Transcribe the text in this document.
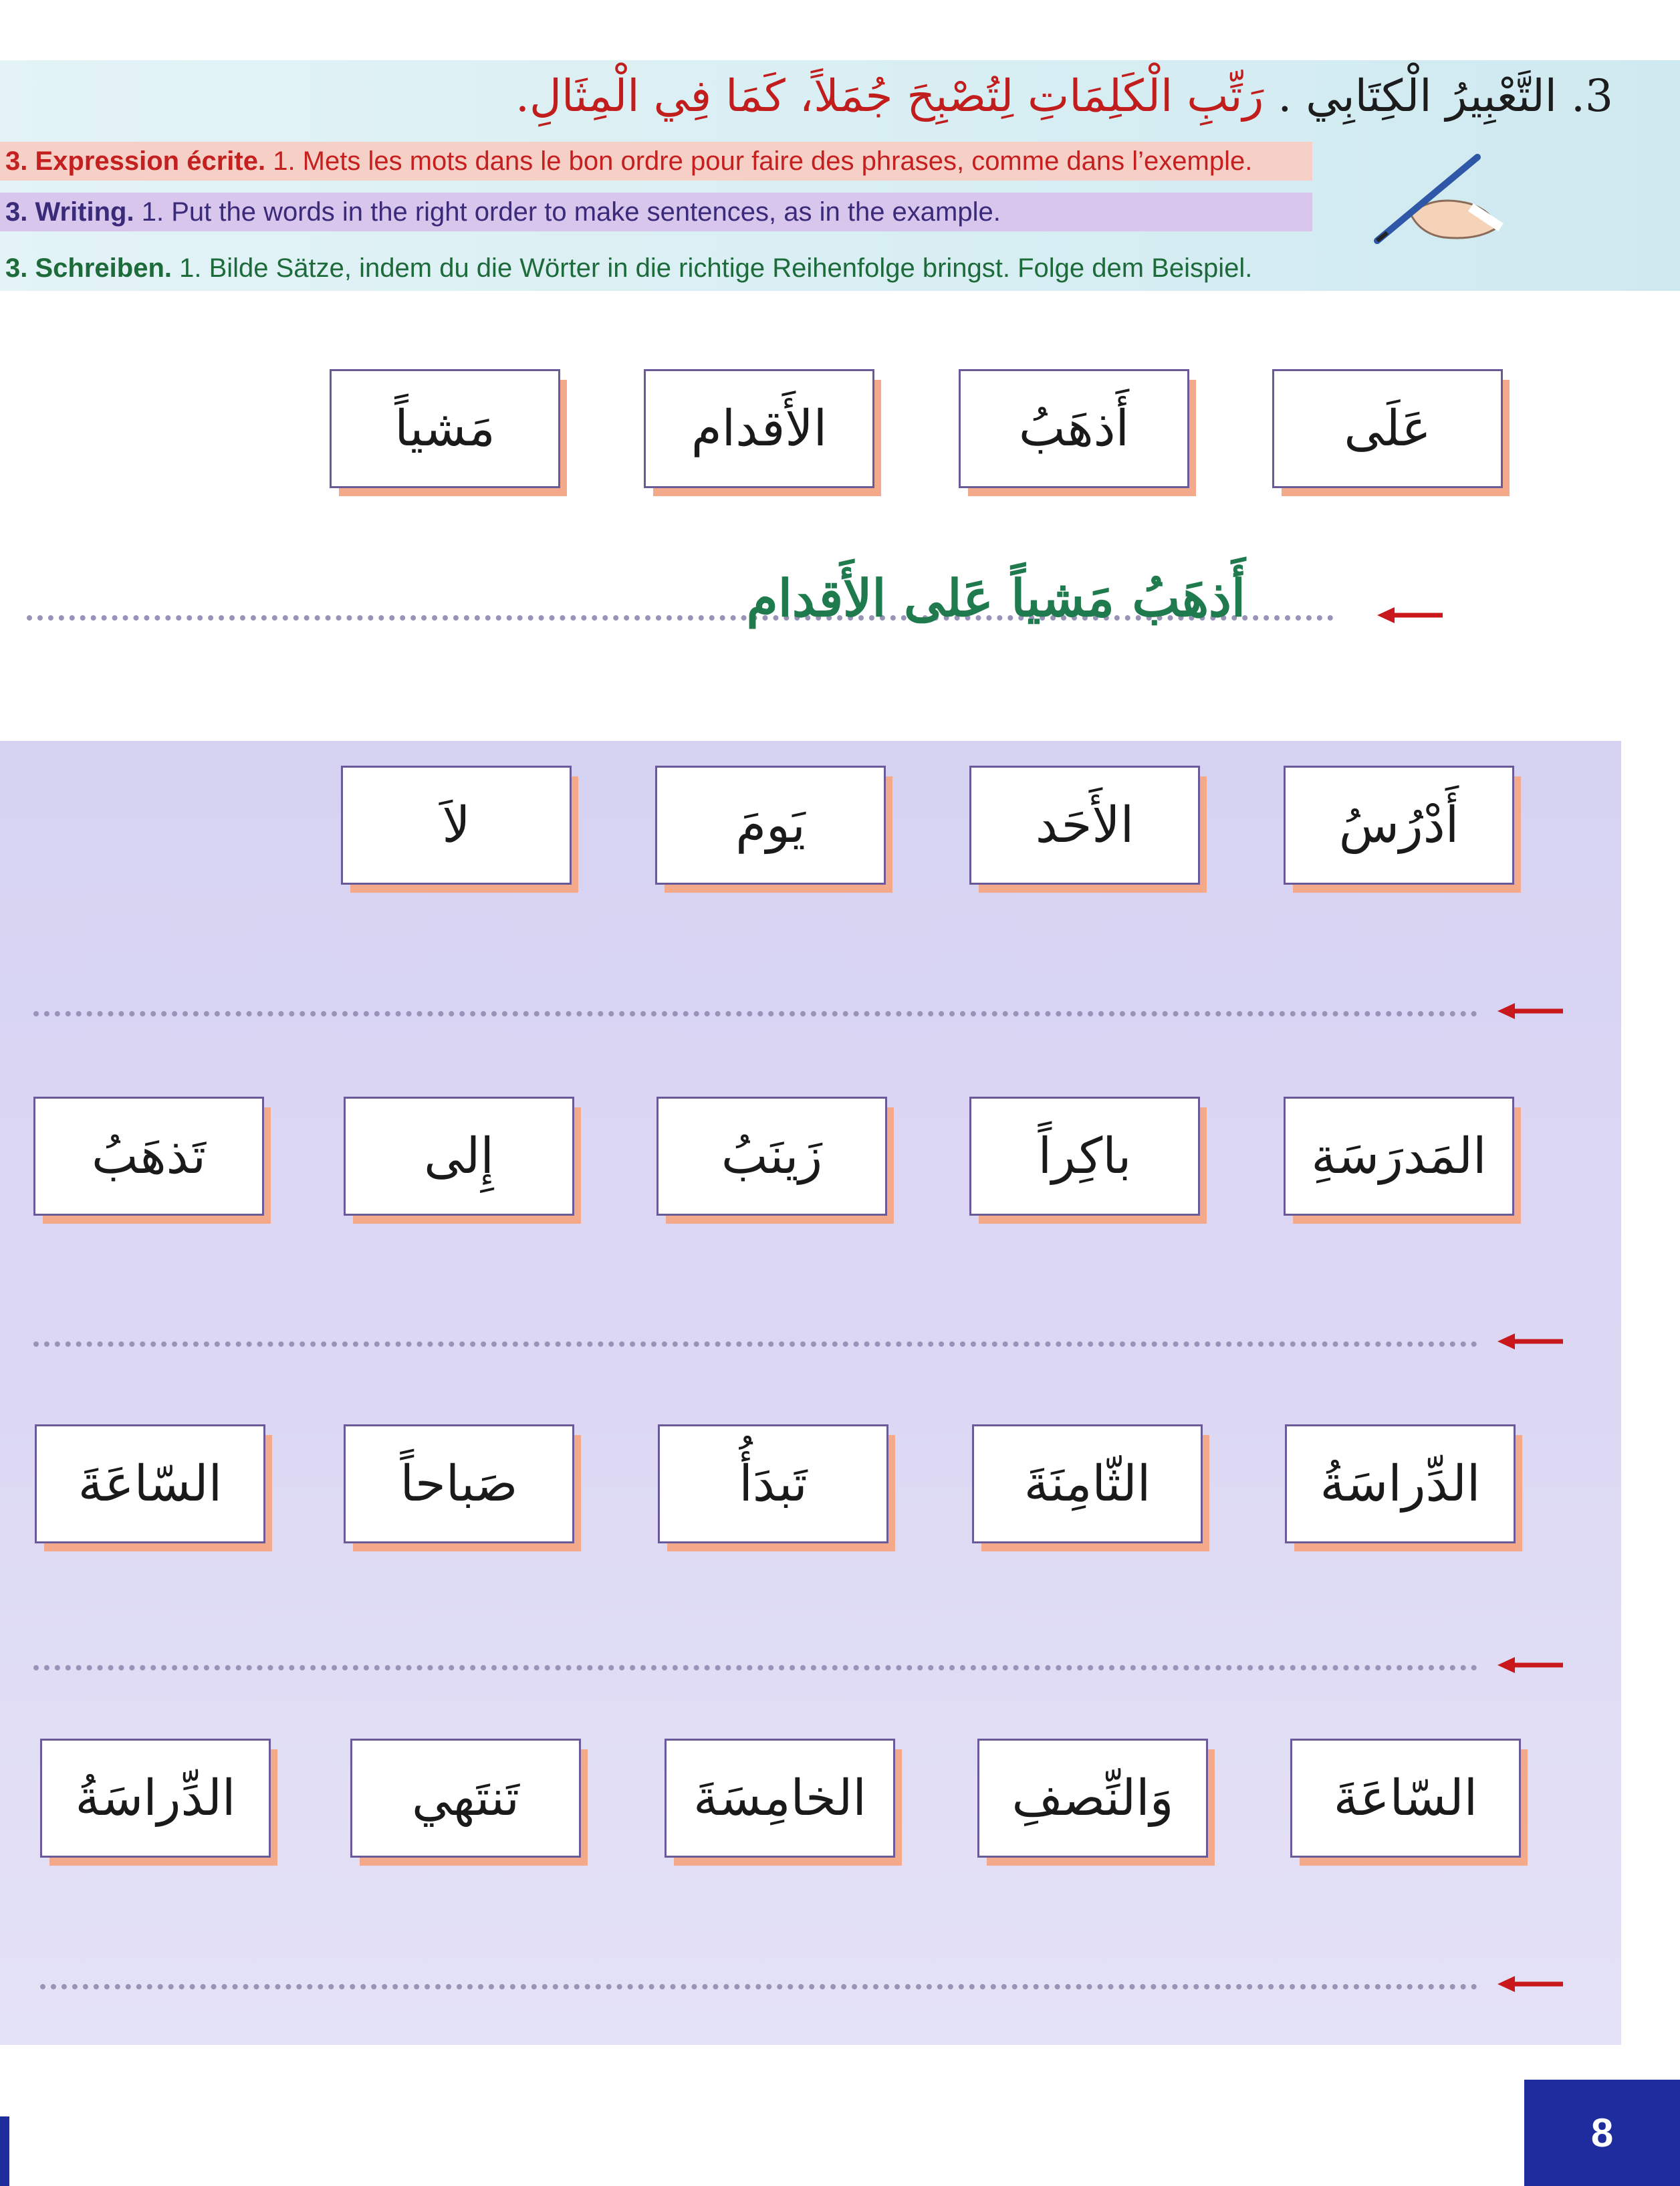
3. التَّعْبِيرُ الْكِتَابِي . رَتِّبِ الْكَلِمَاتِ لِتُصْبِحَ جُمَلاً، كَمَا فِي الْمِثَالِ.
3. Expression écrite. 1. Mets les mots dans le bon ordre pour faire des phrases, comme dans l’exemple.
3. Writing. 1. Put the words in the right order to make sentences, as in the example.
3. Schreiben. 1. Bilde Sätze, indem du die Wörter in die richtige Reihenfolge bringst. Folge dem Beispiel.
عَلَى
أَذهَبُ
الأَقدام
مَشياً
أَذهَبُ مَشياً عَلى الأَقدام
أَدْرُسُ
الأَحَد
يَومَ
لاَ
المَدرَسَةِ
باكِراً
زَينَبُ
إِلى
تَذهَبُ
الدِّراسَةُ
الثّامِنَةَ
تَبدَأُ
صَباحاً
السّاعَةَ
السّاعَةَ
وَالنِّصفِ
الخامِسَةَ
تَنتَهي
الدِّراسَةُ
8
